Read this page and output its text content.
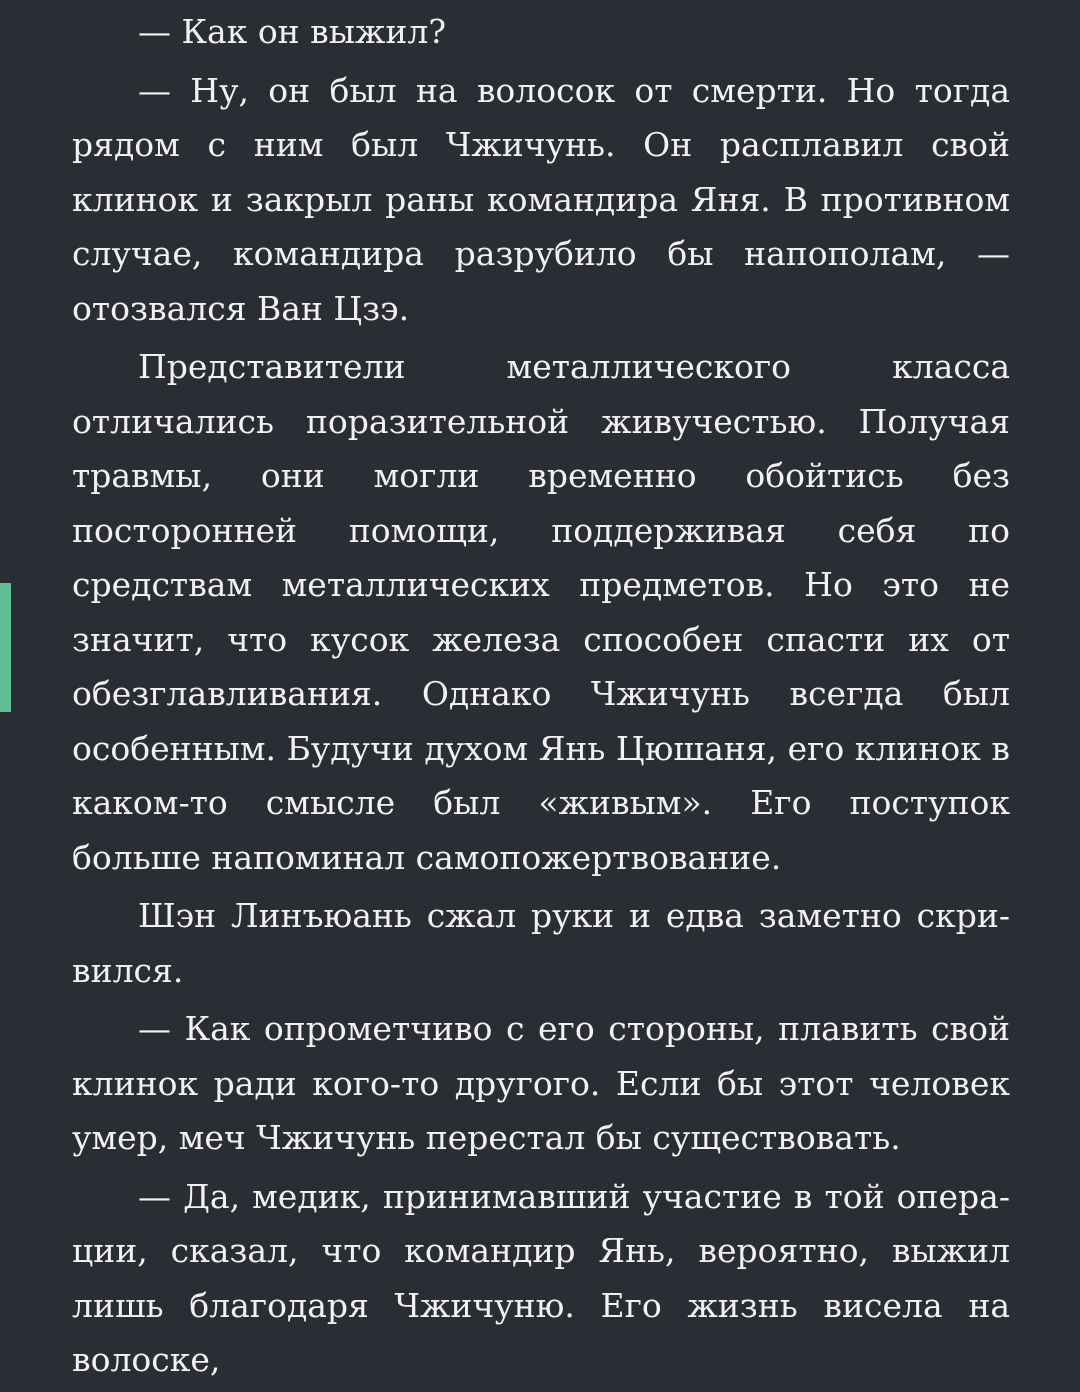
— Как он выжил?

— Ну, он был на волосок от смерти. Но тогда рядом с ним был Чжичунь. Он расплавил свой клинок и закрыл раны командира Яня. В противном случае, командира разрубило бы напополам, — отозвался Ван Цзэ.

Представители металлического класса отличались поразительной живучестью. Получая травмы, они могли временно обойтись без посторонней помощи, поддерживая себя по средствам металлических предметов. Но это не значит, что кусок железа способен спасти их от обезглавливания. Однако Чжичунь всегда был особенным. Будучи духом Янь Цюшаня, его клинок в каком-то смысле был «живым». Его поступок больше напоминал самопожертвование.

Шэн Линъюань сжал руки и едва заметно скривился.

— Как опрометчиво с его стороны, плавить свой клинок ради кого-то другого. Если бы этот человек умер, меч Чжичунь перестал бы существовать.

— Да, медик, принимавший участие в той операции, сказал, что командир Янь, вероятно, выжил лишь благодаря Чжичуню. Его жизнь висела на волоске,
